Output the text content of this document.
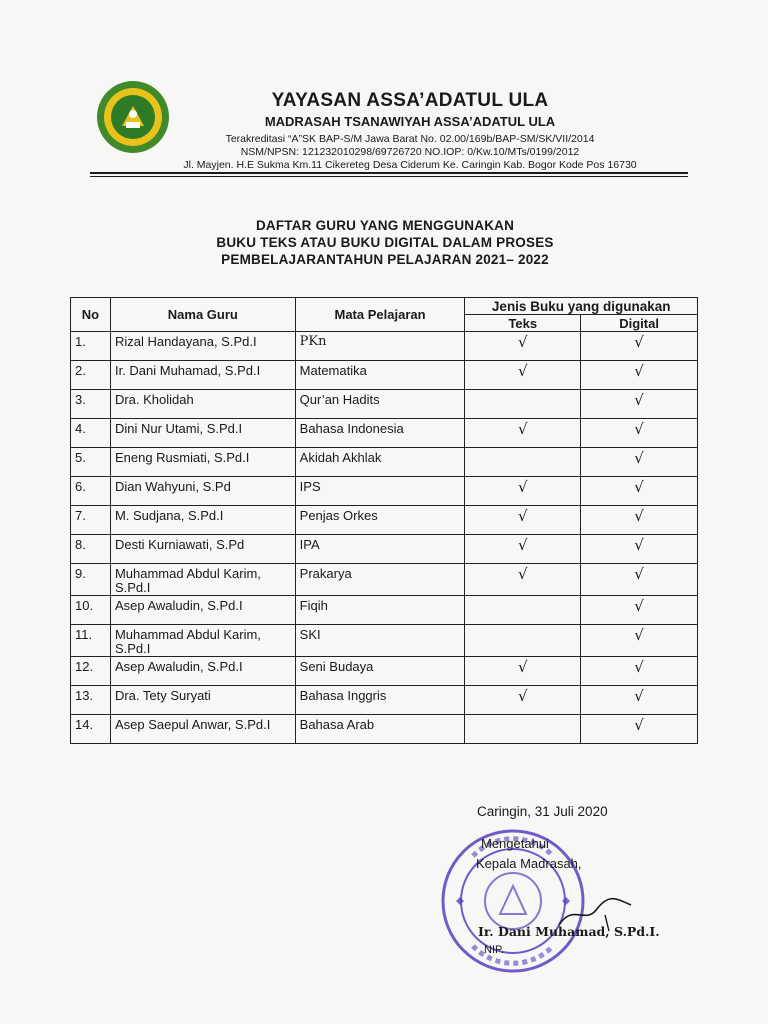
YAYASAN ASSA’ADATUL ULA
MADRASAH TSANAWIYAH ASSA’ADATUL ULA
Terakreditasi “A”SK BAP-S/M Jawa Barat No. 02.00/169b/BAP-SM/SK/VII/2014
NSM/NPSN: 121232010298/69726720 NO.IOP: 0/Kw.10/MTs/0199/2012
Jl. Mayjen. H.E Sukma Km.11 Cikereteg Desa Ciderum Ke. Caringin Kab. Bogor Kode Pos 16730
DAFTAR GURU YANG MENGGUNAKAN
BUKU TEKS ATAU BUKU DIGITAL DALAM PROSES
PEMBELAJARANTAHUN PELAJARAN 2021– 2022
No	Nama Guru	Mata Pelajaran	Jenis Buku yang digunakan	
			Teks	Digital
1.	Rizal Handayana, S.Pd.I	PKn	√	√
2.	Ir. Dani Muhamad, S.Pd.I	Matematika	√	√
3.	Dra. Kholidah	Qur’an Hadits		√
4.	Dini Nur Utami, S.Pd.I	Bahasa Indonesia	√	√
5.	Eneng Rusmiati, S.Pd.I	Akidah Akhlak		√
6.	Dian Wahyuni, S.Pd	IPS	√	√
7.	M. Sudjana, S.Pd.I	Penjas Orkes	√	√
8.	Desti Kurniawati, S.Pd	IPA	√	√
9.	Muhammad Abdul Karim, S.Pd.I	Prakarya	√	√
10.	Asep Awaludin, S.Pd.I	Fiqih		√
11.	Muhammad Abdul Karim, S.Pd.I	SKI		√
12.	Asep Awaludin, S.Pd.I	Seni Budaya	√	√
13.	Dra. Tety Suryati	Bahasa Inggris	√	√
14.	Asep Saepul Anwar, S.Pd.I	Bahasa Arab		√
Caringin, 31 Juli 2020
Mengetahui
Kepala Madrasah,
Ir. Dani Muhamad, S.Pd.I.
NIP.
